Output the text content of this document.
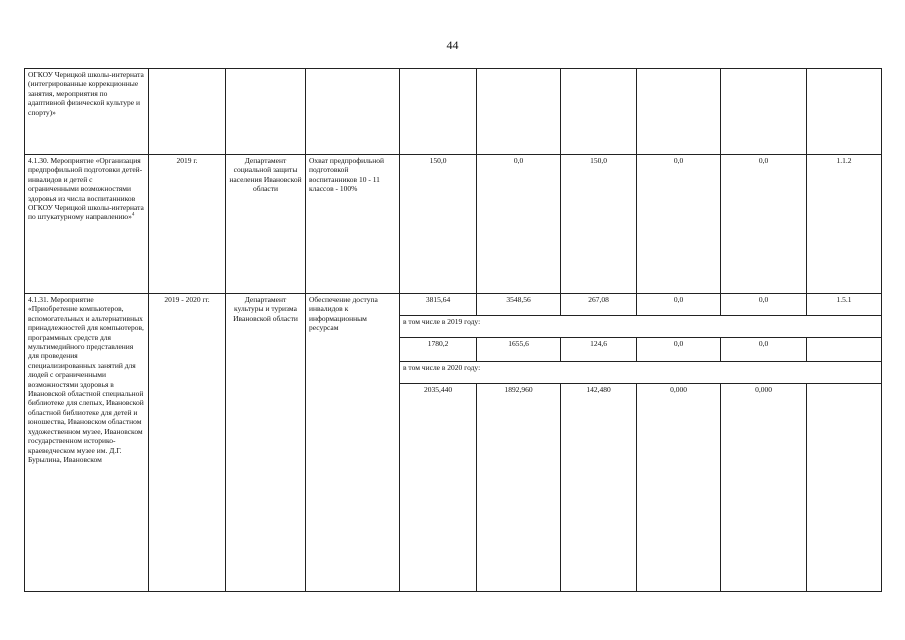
44
ОГКОУ Черицкой школы-интерната (интегрированные коррекционные занятия, мероприятия по адаптивной физической культуре и спорту)»									
4.1.30. Мероприятие «Организация предпрофильной подготовки детей-инвалидов и детей с ограниченными возможностями здоровья из числа воспитанников ОГКОУ Черицкой школы-интерната по штукатурному направлению»$^4$	2019 г.	Департамент социальной защиты населения Ивановской области	Охват предпрофильной подготовкой воспитанников 10 - 11 классов - 100%	150,0	0,0	150,0	0,0	0,0	1.1.2
4.1.31. Мероприятие «Приобретение компьютеров, вспомогательных и альтернативных принадлежностей для компьютеров, программных средств для мультимедийного представления для проведения специализированных занятий для людей с ограниченными возможностями здоровья в Ивановской областной специальной библиотеке для слепых, Ивановской областной библиотеке для детей и юношества, Ивановском областном художественном музее, Ивановском государственном историко-краеведческом музее им. Д.Г. Бурылина, Ивановском	2019 - 2020 гг.	Департамент культуры и туризма Ивановской области	Обеспечение доступа инвалидов к информационным ресурсам	3815,64	3548,56	267,08	0,0	0,0	1.5.1
				в том числе в 2019 году:					
				1780,2	1655,6	124,6	0,0	0,0	
				в том числе в 2020 году:					
				2035,440	1892,960	142,480	0,000	0,000	
